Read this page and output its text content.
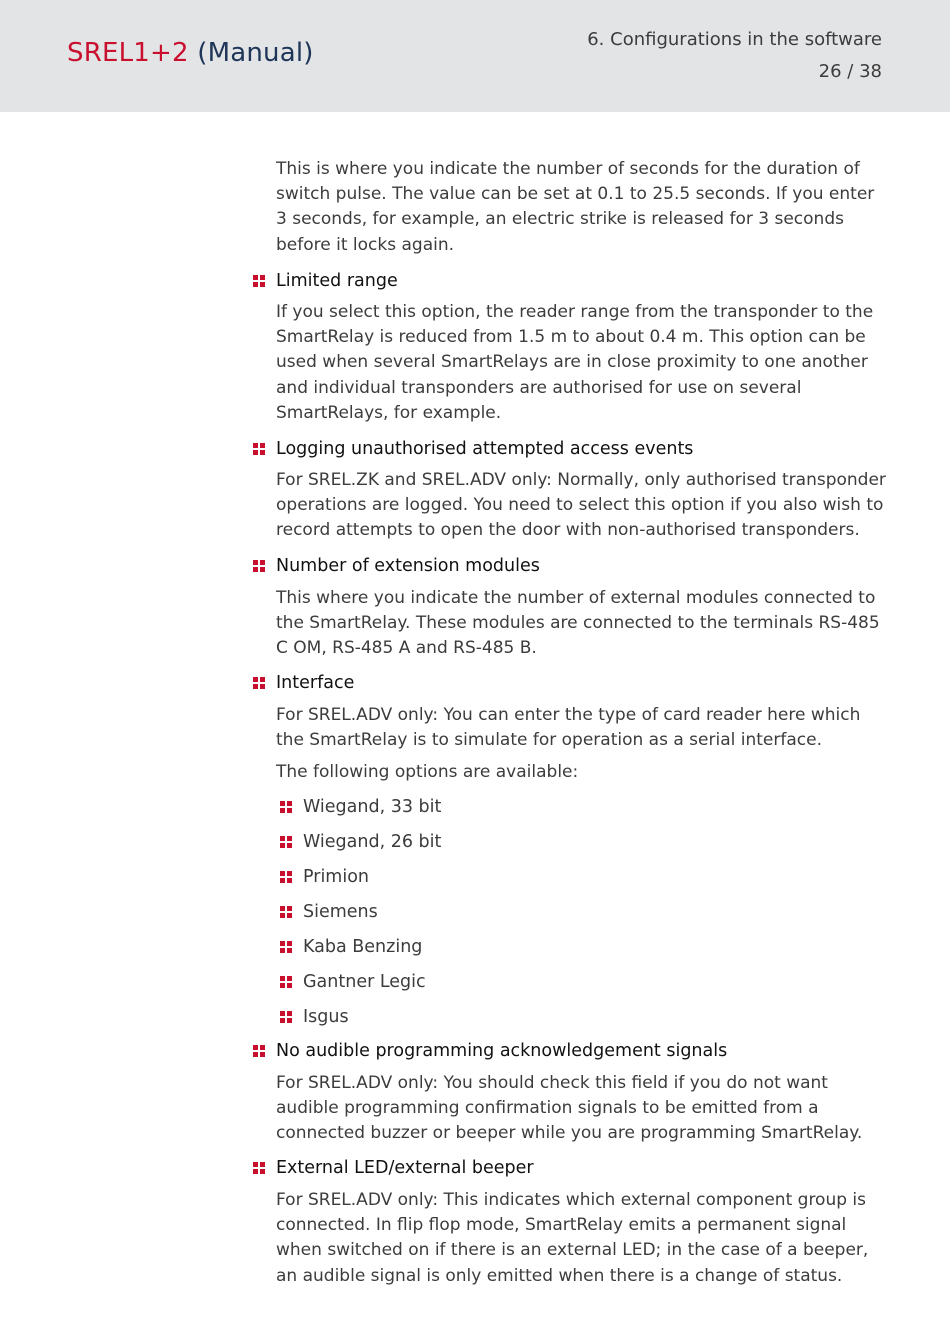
SREL1+2 (Manual)	6. Configurations in the software
26 / 38
This is where you indicate the number of seconds for the duration of switch pulse. The value can be set at 0.1 to 25.5 seconds. If you enter 3 seconds, for example, an electric strike is released for 3 seconds before it locks again.
Limited range
If you select this option, the reader range from the transponder to the SmartRelay is reduced from 1.5 m to about 0.4 m. This option can be used when several SmartRelays are in close proximity to one another and individual transponders are authorised for use on several SmartRelays, for example.
Logging unauthorised attempted access events
For SREL.ZK and SREL.ADV only: Normally, only authorised transponder operations are logged. You need to select this option if you also wish to record attempts to open the door with non-authorised transponders.
Number of extension modules
This where you indicate the number of external modules connected to the SmartRelay. These modules are connected to the terminals RS-485 C OM, RS-485 A and RS-485 B.
Interface
For SREL.ADV only: You can enter the type of card reader here which the SmartRelay is to simulate for operation as a serial interface.
The following options are available:
Wiegand, 33 bit
Wiegand, 26 bit
Primion
Siemens
Kaba Benzing
Gantner Legic
Isgus
No audible programming acknowledgement signals
For SREL.ADV only: You should check this field if you do not want audible programming confirmation signals to be emitted from a connected buzzer or beeper while you are programming SmartRelay.
External LED/external beeper
For SREL.ADV only: This indicates which external component group is connected. In flip flop mode, SmartRelay emits a permanent signal when switched on if there is an external LED; in the case of a beeper, an audible signal is only emitted when there is a change of status.
